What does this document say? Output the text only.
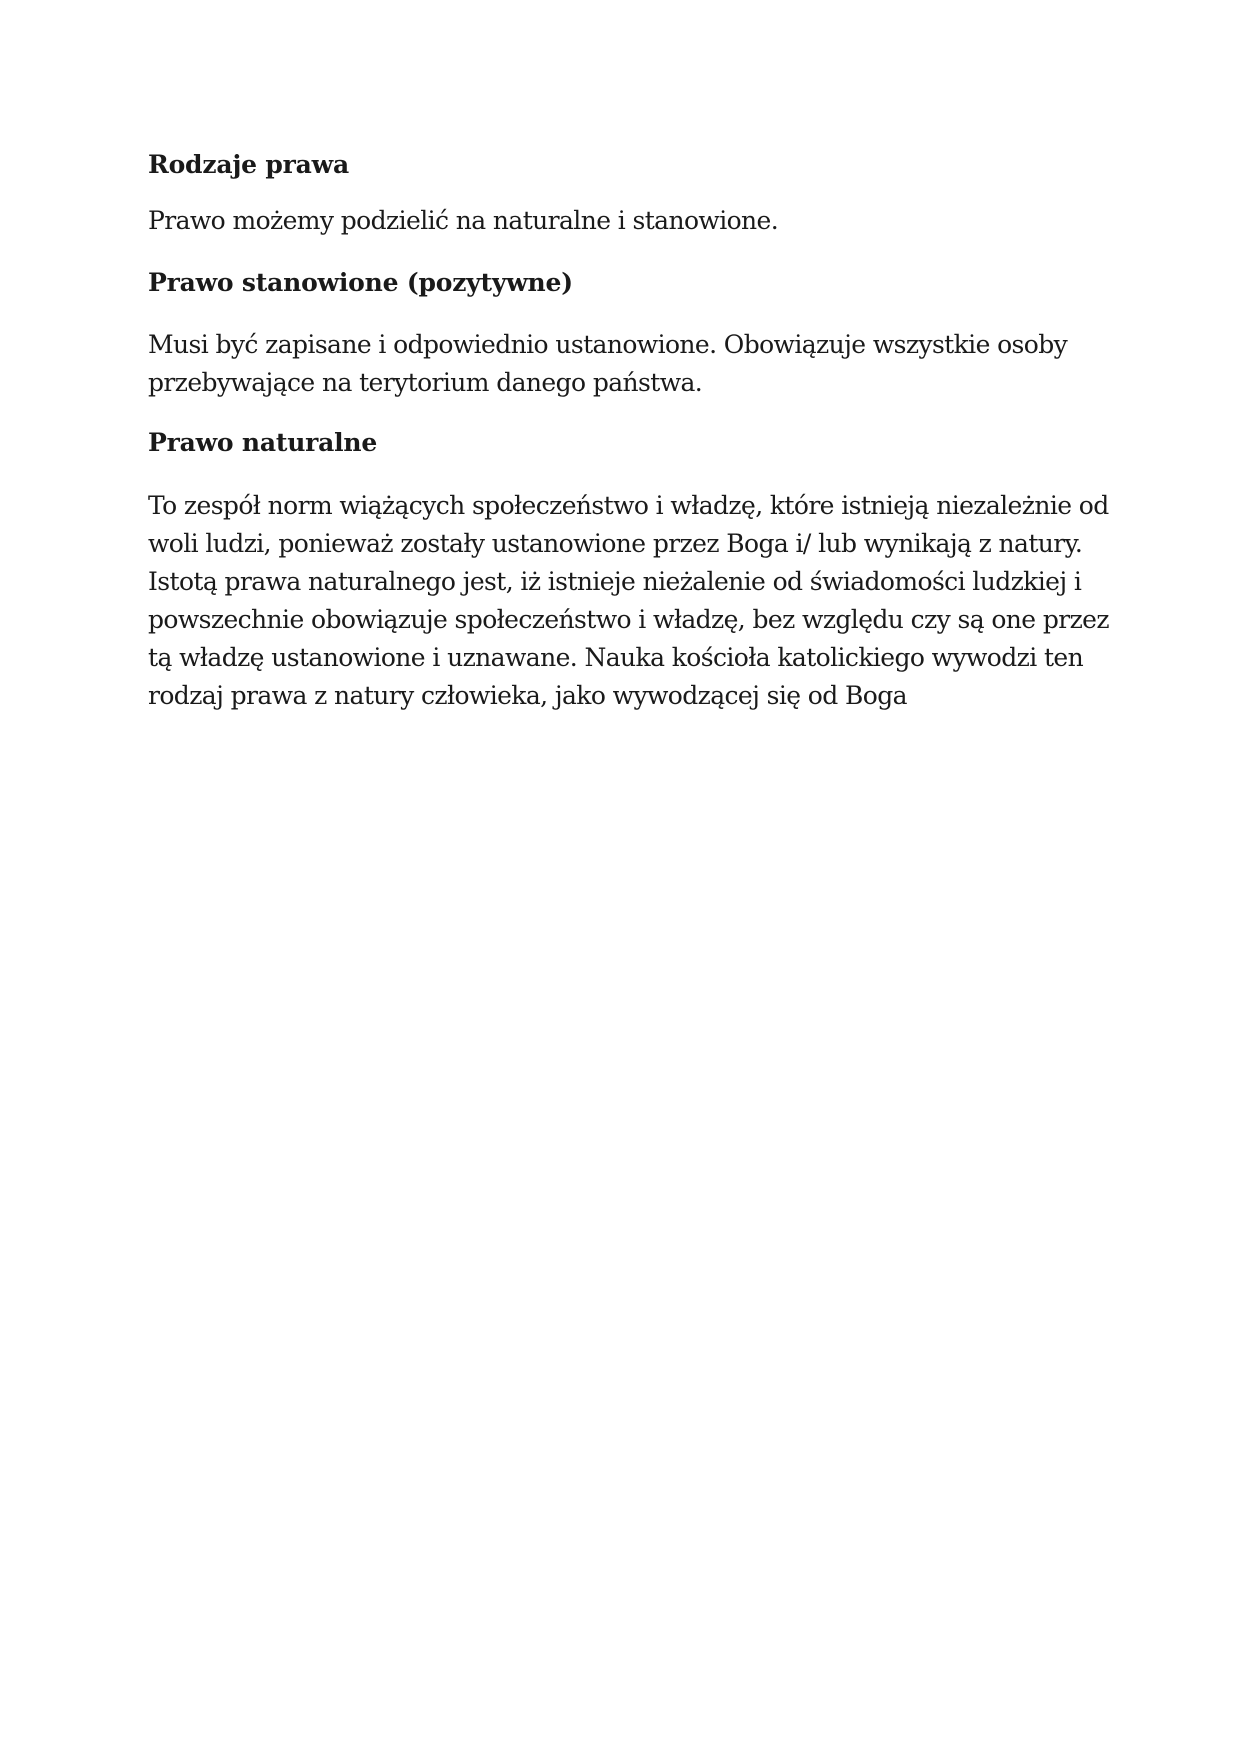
Rodzaje prawa

Prawo możemy podzielić na naturalne i stanowione.

Prawo stanowione (pozytywne)

Musi być zapisane i odpowiednio ustanowione. Obowiązuje wszystkie osoby
przebywające na terytorium danego państwa.

Prawo naturalne

To zespół norm wiążących społeczeństwo i władzę, które istnieją niezależnie od
woli ludzi, ponieważ zostały ustanowione przez Boga i/ lub wynikają z natury.
Istotą prawa naturalnego jest, iż istnieje nieżalenie od świadomości ludzkiej i
powszechnie obowiązuje społeczeństwo i władzę, bez względu czy są one przez
tą władzę ustanowione i uznawane. Nauka kościoła katolickiego wywodzi ten
rodzaj prawa z natury człowieka, jako wywodzącej się od Boga
